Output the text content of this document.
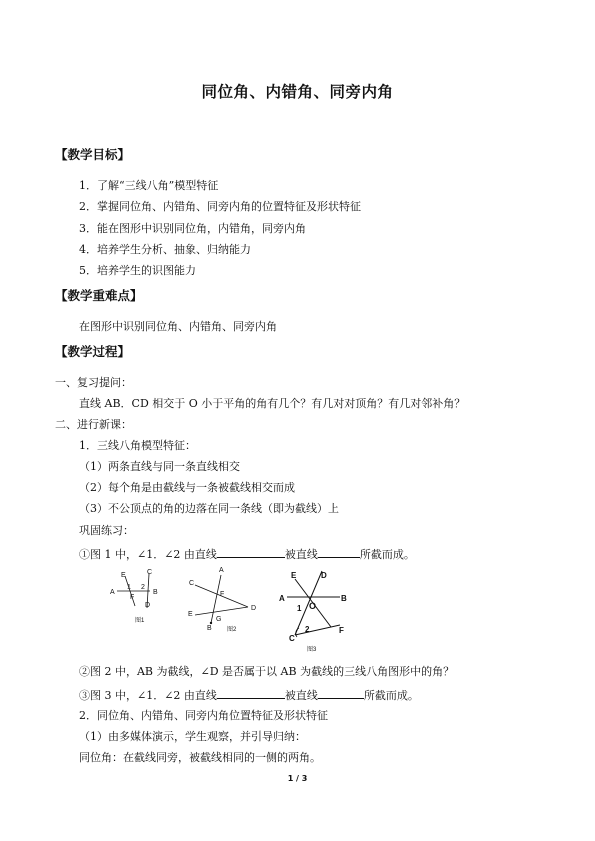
同位角、内错角、同旁内角
【教学目标】
1．了解“三线八角”模型特征
2．掌握同位角、内错角、同旁内角的位置特征及形状特征
3．能在图形中识别同位角，内错角，同旁内角
4．培养学生分析、抽象、归纳能力
5．培养学生的识图能力
【教学重难点】
在图形中识别同位角、内错角、同旁内角
【教学过程】
一、复习提问：
直线 AB．CD 相交于 O 小于平角的角有几个？有几对对顶角？有几对邻补角？
二、进行新课：
1．三线八角模型特征：
（1）两条直线与同一条直线相交
（2）每个角是由截线与一条被截线相交而成
（3）不公顶点的角的边落在同一条线（即为截线）上
巩固练习：
①图 1 中，∠1．∠2 由直线	被直线	所截而成。
E
A
1
F
C
2
B
D
图1
A
C
F
D
E
G
B	图2
E	D
A	B
O
1
2
C
F
图3
②图 2 中，AB 为截线，∠D 是否属于以 AB 为截线的三线八角图形中的角？
③图 3 中，∠1．∠2 由直线	被直线	所截而成。
2．同位角、内错角、同旁内角位置特征及形状特征
（1）由多媒体演示，学生观察，并引导归纳：
同位角：在截线同旁，被截线相同的一侧的两角。
1 / 3
